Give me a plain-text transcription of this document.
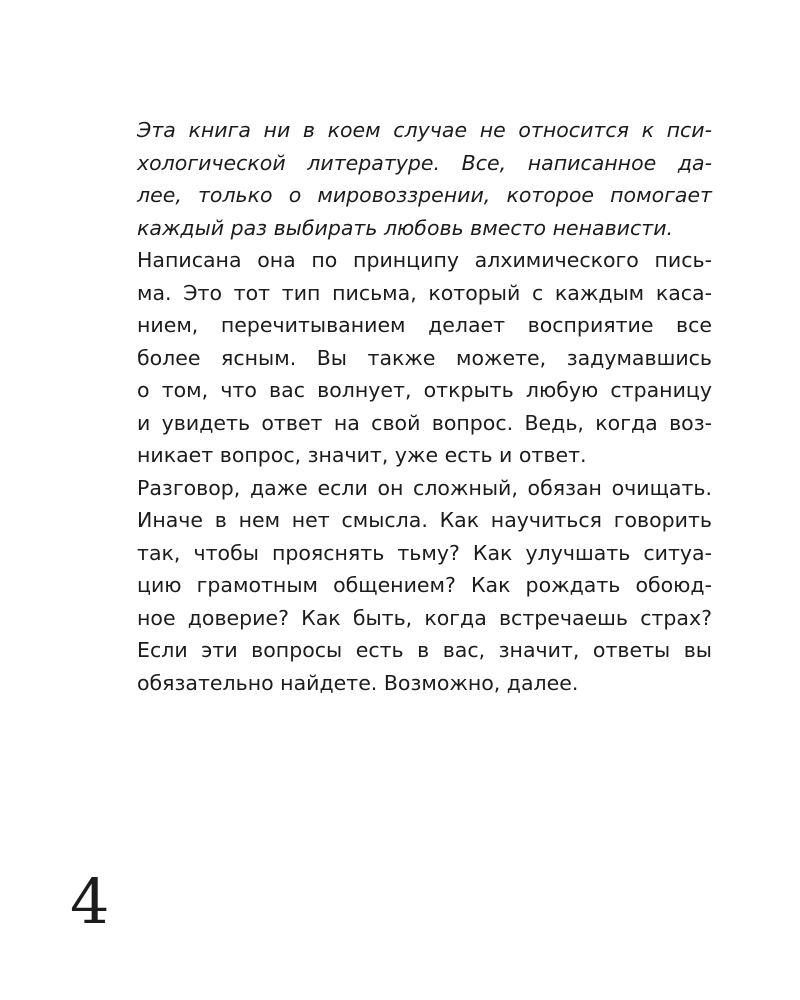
Эта книга ни в коем случае не относится к пси-
хологической литературе. Все, написанное да-
лее, только о мировоззрении, которое помогает
каждый раз выбирать любовь вместо ненависти.
Написана она по принципу алхимического пись-
ма. Это тот тип письма, который с каждым каса-
нием, перечитыванием делает восприятие все
более ясным. Вы также можете, задумавшись
о том, что вас волнует, открыть любую страницу
и увидеть ответ на свой вопрос. Ведь, когда воз-
никает вопрос, значит, уже есть и ответ.
Разговор, даже если он сложный, обязан очищать.
Иначе в нем нет смысла. Как научиться говорить
так, чтобы прояснять тьму? Как улучшать ситуа-
цию грамотным общением? Как рождать обоюд-
ное доверие? Как быть, когда встречаешь страх?
Если эти вопросы есть в вас, значит, ответы вы
обязательно найдете. Возможно, далее.
4
